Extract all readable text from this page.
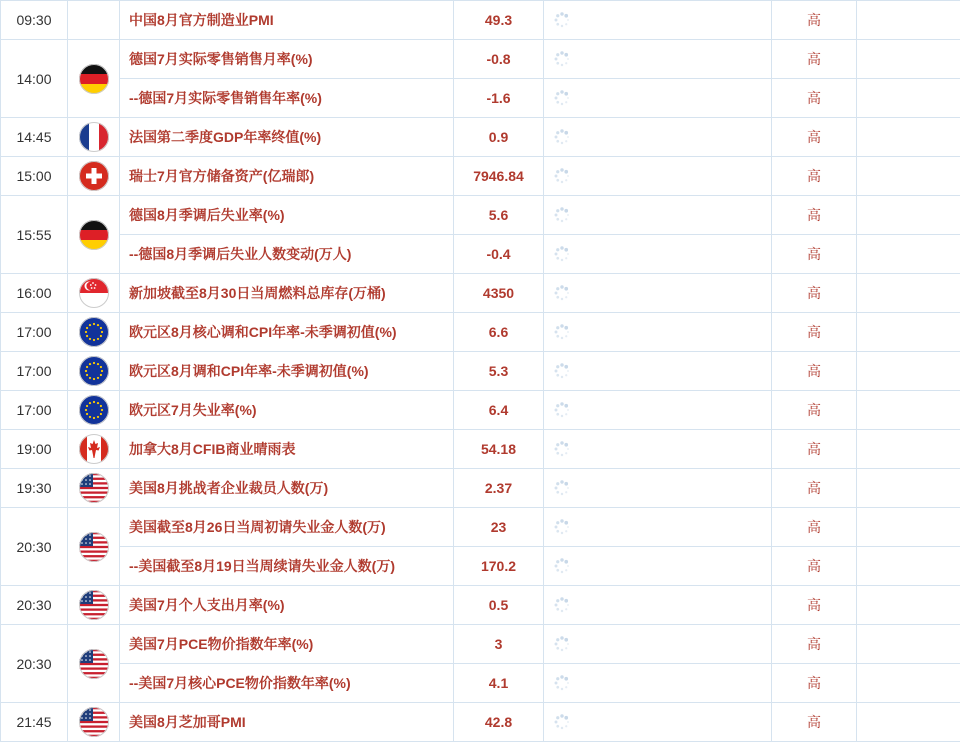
09:30		中国8月官方制造业PMI	49.3		高		

14:00		德国7月实际零售销售月率(%)	-0.8		高		

		--德国7月实际零售销售年率(%)	-1.6		高		

14:45		法国第二季度GDP年率终值(%)	0.9		高		

15:00		瑞士7月官方储备资产(亿瑞郎)	7946.84		高		

15:55		德国8月季调后失业率(%)	5.6		高		

		--德国8月季调后失业人数变动(万人)	-0.4		高		

16:00		新加坡截至8月30日当周燃料总库存(万桶)	4350		高		

17:00		欧元区8月核心调和CPI年率-未季调初值(%)	6.6		高		

17:00		欧元区8月调和CPI年率-未季调初值(%)	5.3		高		

17:00		欧元区7月失业率(%)	6.4		高		

19:00		加拿大8月CFIB商业晴雨表	54.18		高		

19:30		美国8月挑战者企业裁员人数(万)	2.37		高		

20:30		美国截至8月26日当周初请失业金人数(万)	23		高		

		--美国截至8月19日当周续请失业金人数(万)	170.2		高		

20:30		美国7月个人支出月率(%)	0.5		高		

20:30		美国7月PCE物价指数年率(%)	3		高		

		--美国7月核心PCE物价指数年率(%)	4.1		高		

21:45		美国8月芝加哥PMI	42.8		高		
